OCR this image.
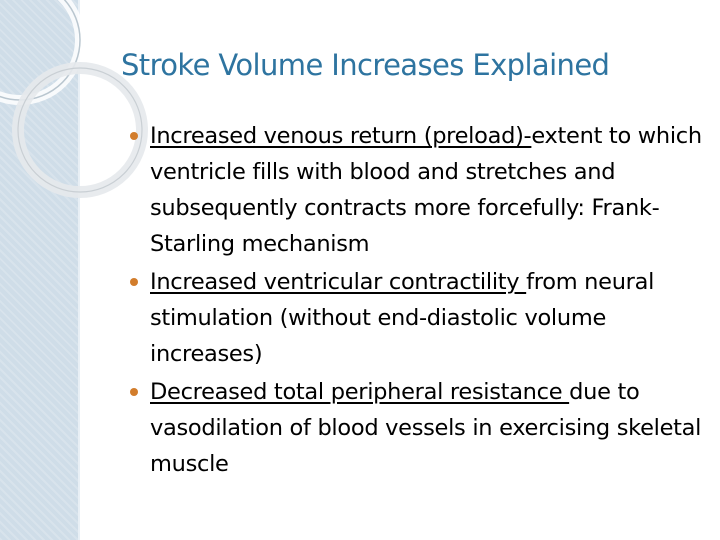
Stroke Volume Increases Explained
Increased venous return (preload)-extent to which ventricle fills with blood and stretches and subsequently contracts more forcefully: Frank-Starling mechanism
Increased ventricular contractility from neural stimulation (without end-diastolic volume increases)
Decreased total peripheral resistance due to vasodilation of blood vessels in exercising skeletal muscle
